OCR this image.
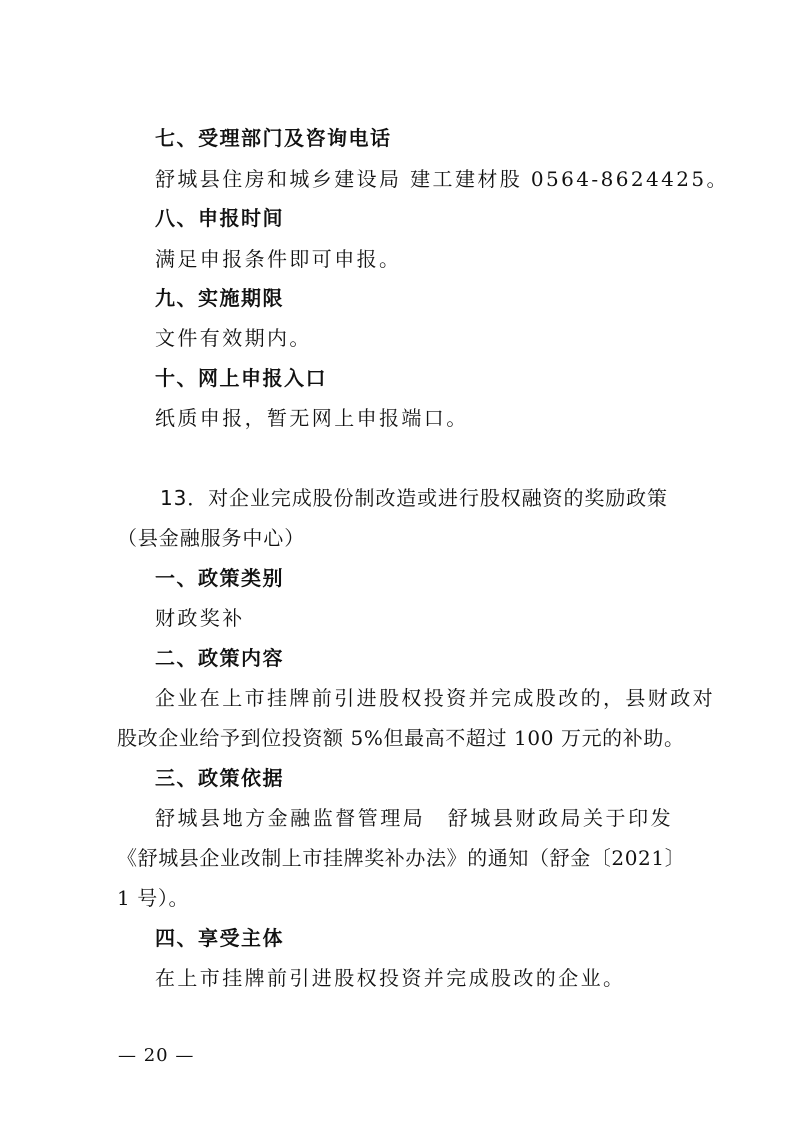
七、受理部门及咨询电话
舒城县住房和城乡建设局 建工建材股 0564-8624425。
八、申报时间
满足申报条件即可申报。
九、实施期限
文件有效期内。
十、网上申报入口
纸质申报，暂无网上申报端口。
13．对企业完成股份制改造或进行股权融资的奖励政策
（县金融服务中心）
一、政策类别
财政奖补
二、政策内容
企业在上市挂牌前引进股权投资并完成股改的，县财政对
股改企业给予到位投资额 5%但最高不超过 100 万元的补助。
三、政策依据
舒城县地方金融监督管理局　舒城县财政局关于印发
《舒城县企业改制上市挂牌奖补办法》的通知（舒金〔2021〕
1 号）。
四、享受主体
在上市挂牌前引进股权投资并完成股改的企业。
— 20 —
